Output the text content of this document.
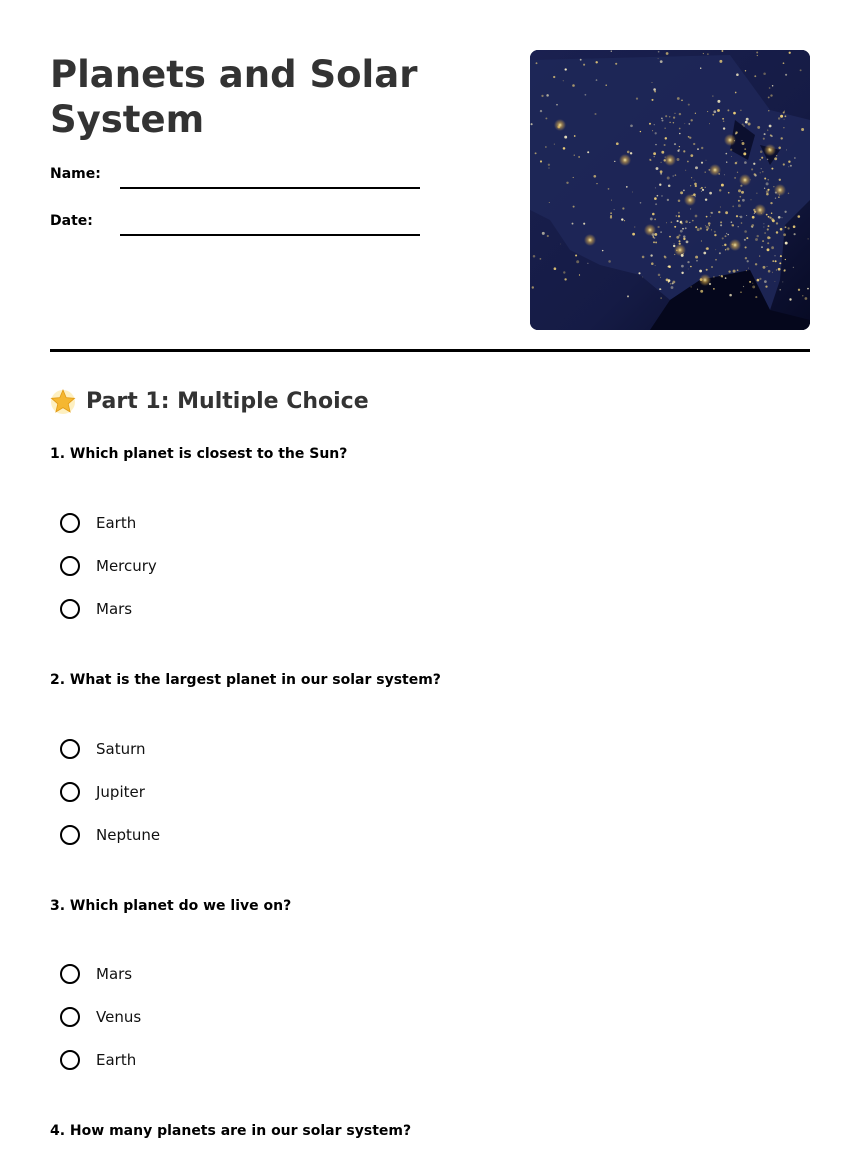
Planets and Solar System
Name:
Date:
Part 1: Multiple Choice
1. Which planet is closest to the Sun?
Earth
Mercury
Mars
2. What is the largest planet in our solar system?
Saturn
Jupiter
Neptune
3. Which planet do we live on?
Mars
Venus
Earth
4. How many planets are in our solar system?
